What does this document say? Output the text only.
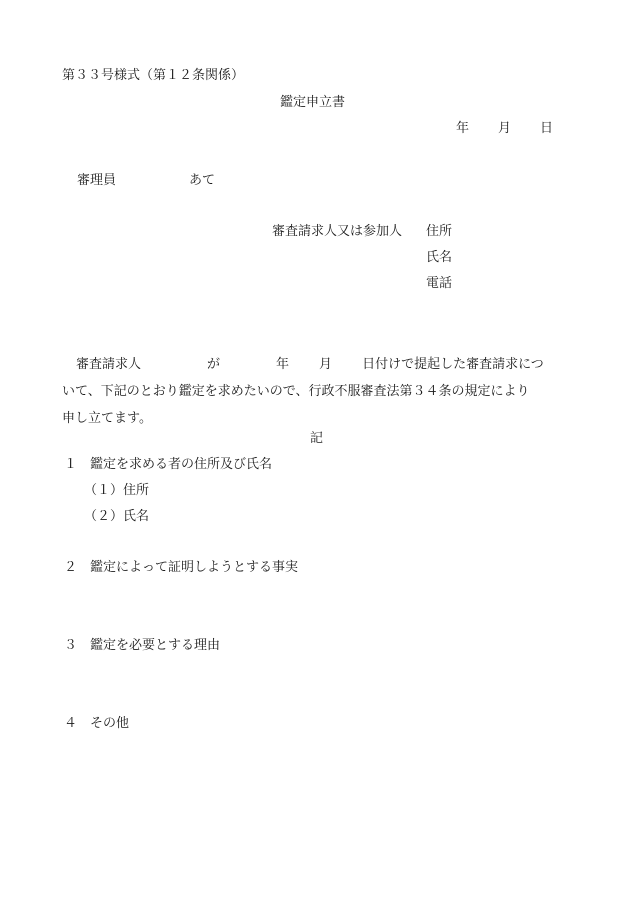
第３３号様式（第１２条関係）
鑑定申立書
年 月 日
審理員	あて
審査請求人又は参加人 住所
氏名
電話
審査請求人	が	年 月 日付けで提起した審査請求につ
いて、下記のとおり鑑定を求めたいので、行政不服審査法第３４条の規定により
申し立てます。
記
１　鑑定を求める者の住所及び氏名
（１）住所
（２）氏名
２　鑑定によって証明しようとする事実
３　鑑定を必要とする理由
４　その他
